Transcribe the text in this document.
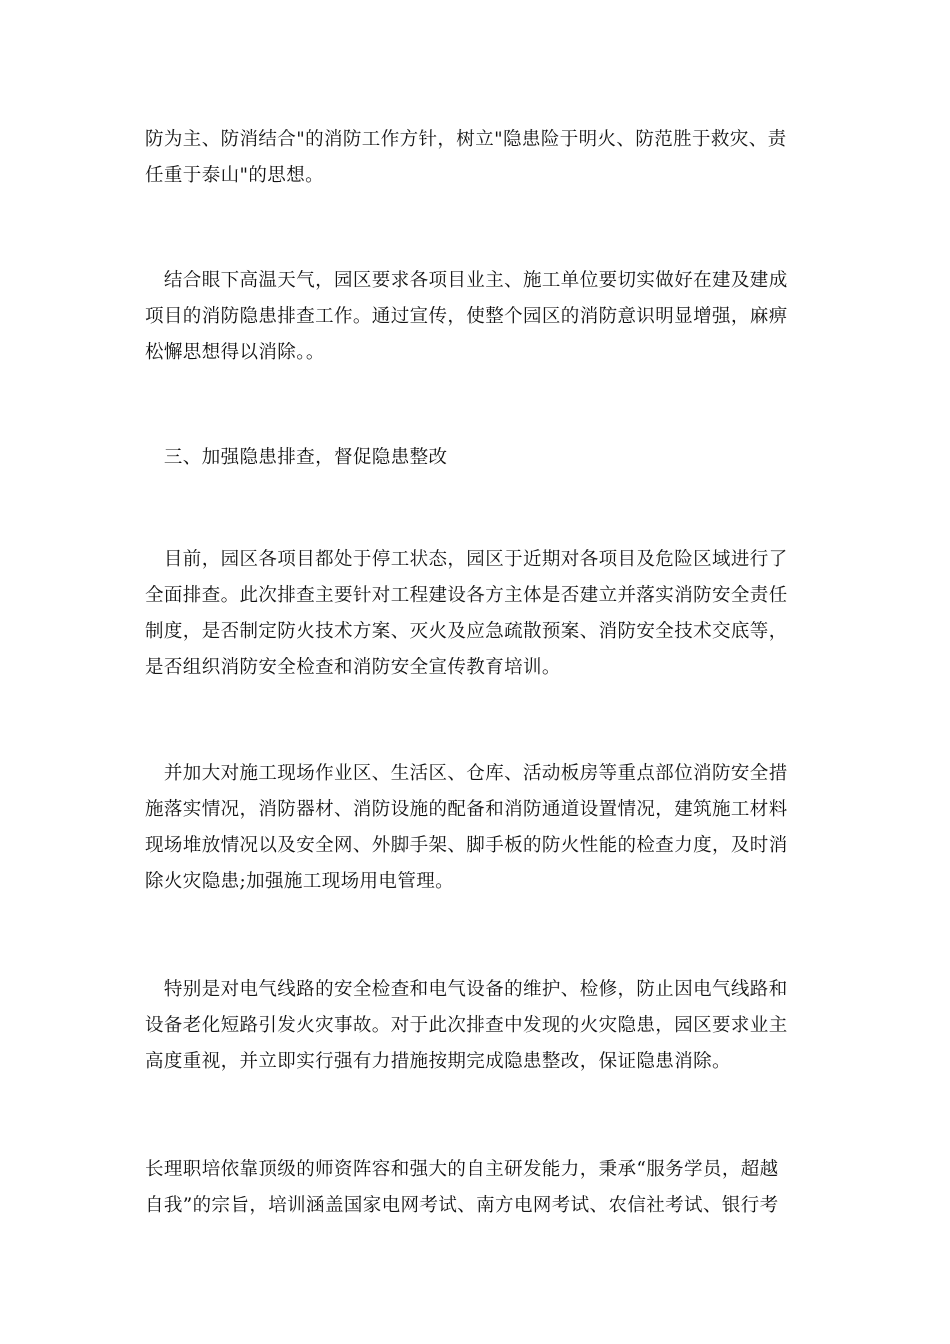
防为主、防消结合"的消防工作方针，树立"隐患险于明火、防范胜于救灾、责
任重于泰山"的思想。

　结合眼下高温天气，园区要求各项目业主、施工单位要切实做好在建及建成
项目的消防隐患排查工作。通过宣传，使整个园区的消防意识明显增强，麻痹
松懈思想得以消除。。

　三、加强隐患排查，督促隐患整改

　目前，园区各项目都处于停工状态，园区于近期对各项目及危险区域进行了
全面排查。此次排查主要针对工程建设各方主体是否建立并落实消防安全责任
制度，是否制定防火技术方案、灭火及应急疏散预案、消防安全技术交底等，
是否组织消防安全检查和消防安全宣传教育培训。

　并加大对施工现场作业区、生活区、仓库、活动板房等重点部位消防安全措
施落实情况，消防器材、消防设施的配备和消防通道设置情况，建筑施工材料
现场堆放情况以及安全网、外脚手架、脚手板的防火性能的检查力度，及时消
除火灾隐患;加强施工现场用电管理。

　特别是对电气线路的安全检查和电气设备的维护、检修，防止因电气线路和
设备老化短路引发火灾事故。对于此次排查中发现的火灾隐患，园区要求业主
高度重视，并立即实行强有力措施按期完成隐患整改，保证隐患消除。

长理职培依靠顶级的师资阵容和强大的自主研发能力，秉承“服务学员，超越
自我”的宗旨，培训涵盖国家电网考试、南方电网考试、农信社考试、银行考
